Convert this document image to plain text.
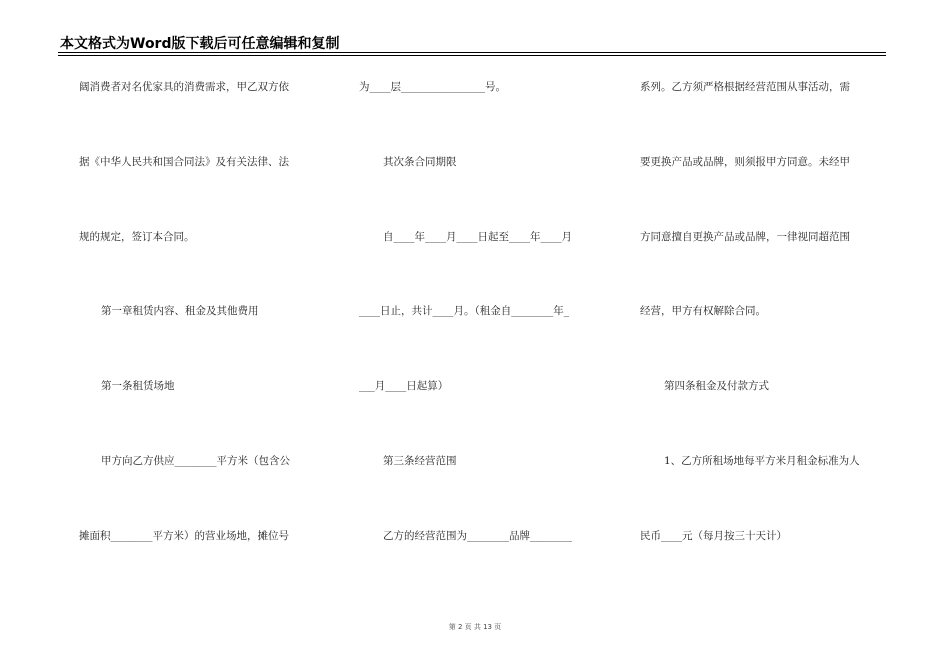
本文格式为Word版下载后可任意编辑和复制
阔消费者对名优家具的消费需求，甲乙双方依
据《中华人民共和国合同法》及有关法律、法
规的规定，签订本合同。
第一章租赁内容、租金及其他费用
第一条租赁场地
甲方向乙方供应________平方米（包含公
摊面积________平方米）的营业场地，摊位号
为____层________________号。
其次条合同期限
自____年____月____日起至____年____月
____日止，共计____月。（租金自________年_
___月____日起算）
第三条经营范围
乙方的经营范围为________品牌________
系列。乙方须严格根据经营范围从事活动，需
要更换产品或品牌，则须报甲方同意。未经甲
方同意擅自更换产品或品牌，一律视同超范围
经营，甲方有权解除合同。
第四条租金及付款方式
1、乙方所租场地每平方米月租金标准为人
民币____元（每月按三十天计）
第 2 页 共 13 页
